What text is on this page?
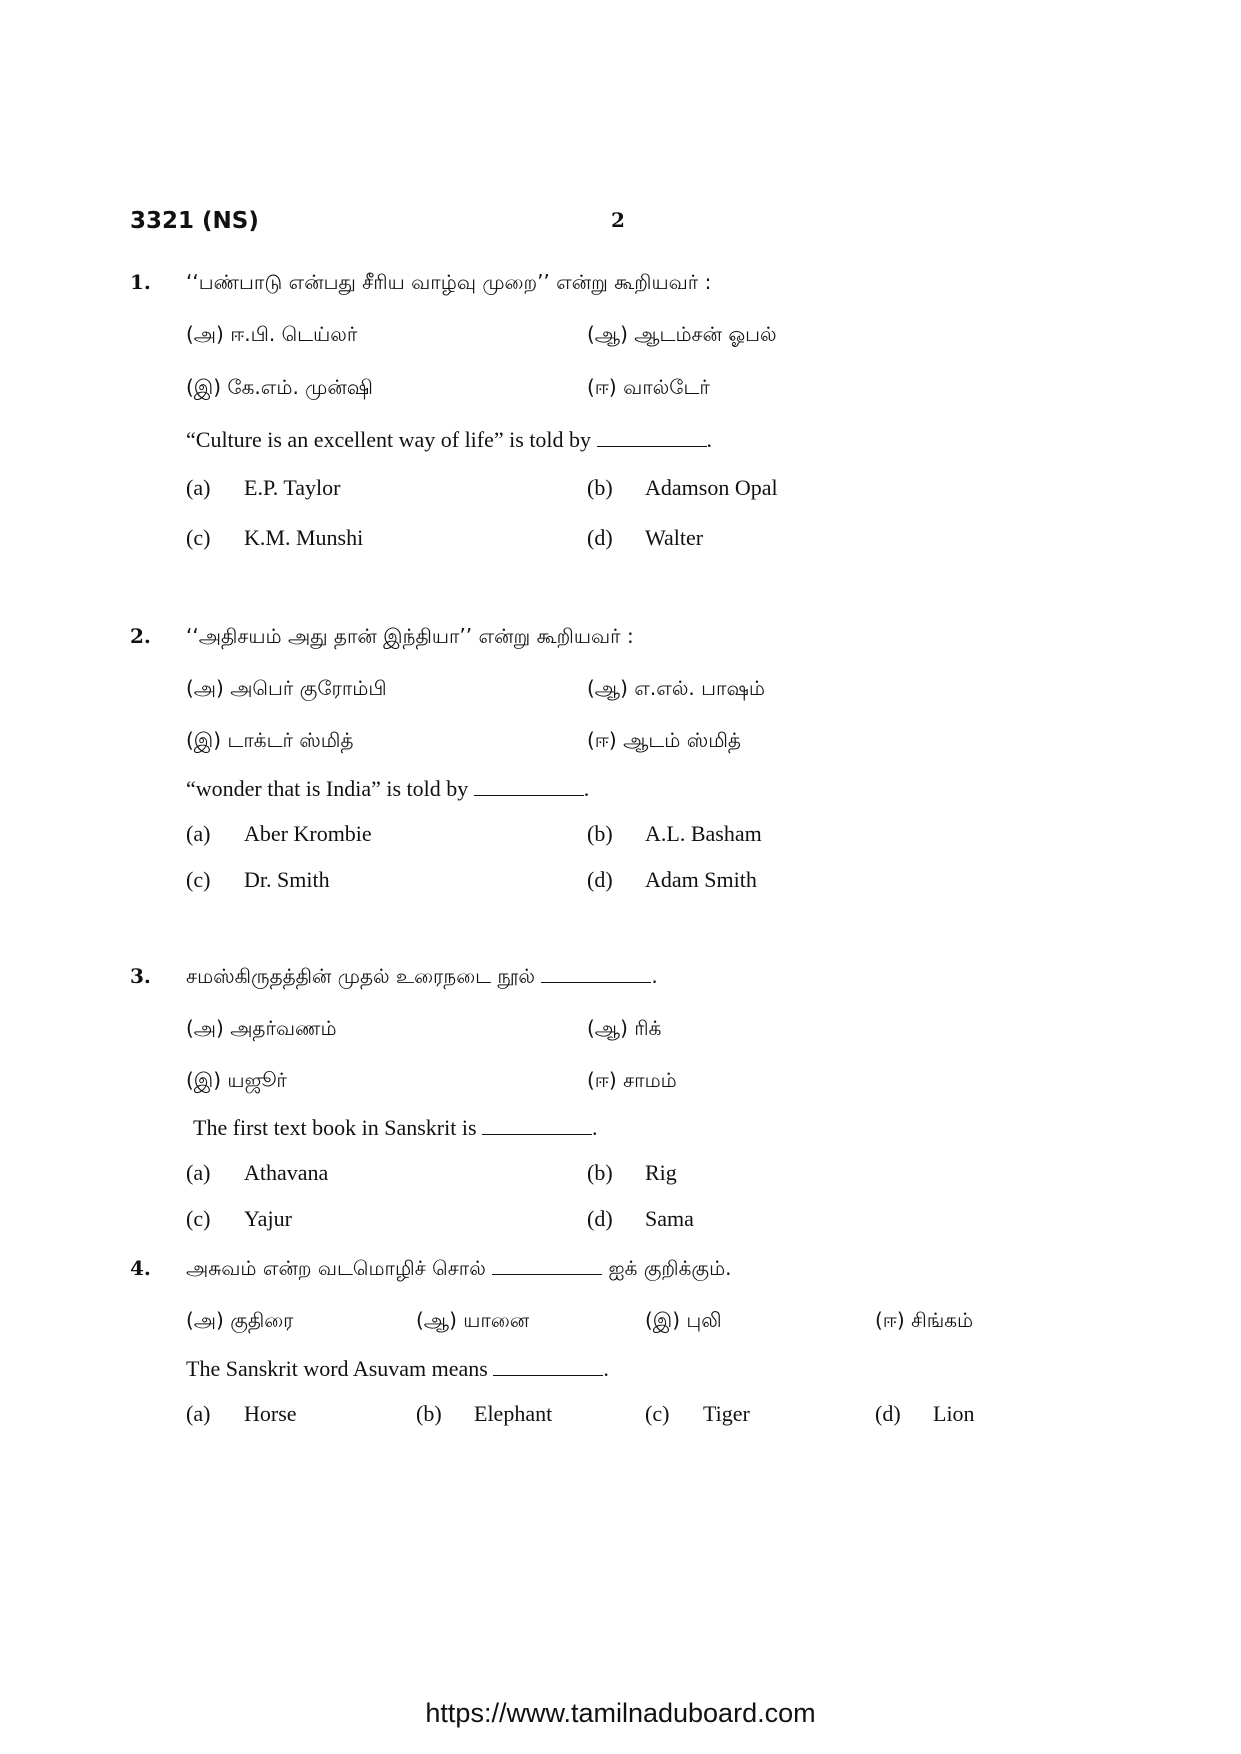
3321 (NS)	2
1. ‘‘பண்பாடு என்பது சீரிய வாழ்வு முறை’’ என்று கூறியவர் :
(அ) ஈ.பி. டெய்லர்	(ஆ) ஆடம்சன் ஓபல்
(இ) கே.எம். முன்ஷி	(ஈ) வால்டேர்
“Culture is an excellent way of life” is told by	.
(a) E.P. Taylor	(b) Adamson Opal
(c) K.M. Munshi	(d) Walter
2. ‘‘அதிசயம் அது தான் இந்தியா’’ என்று கூறியவர் :
(அ) அபெர் குரோம்பி	(ஆ) எ.எல். பாஷம்
(இ) டாக்டர் ஸ்மித்	(ஈ) ஆடம் ஸ்மித்
“wonder that is India” is told by	.
(a) Aber Krombie	(b) A.L. Basham
(c) Dr. Smith	(d) Adam Smith
3. சமஸ்கிருதத்தின் முதல் உரைநடை நூல்	.
(அ) அதர்வணம்	(ஆ) ரிக்
(இ) யஜூர்	(ஈ) சாமம்
The first text book in Sanskrit is	.
(a) Athavana	(b) Rig
(c) Yajur	(d) Sama
4. அசுவம் என்ற வடமொழிச் சொல்	ஐக் குறிக்கும்.
(அ) குதிரை	(ஆ) யானை	(இ) புலி	(ஈ) சிங்கம்
The Sanskrit word Asuvam means	.
(a) Horse	(b) Elephant	(c) Tiger	(d) Lion
https://www.tamilnaduboard.com
